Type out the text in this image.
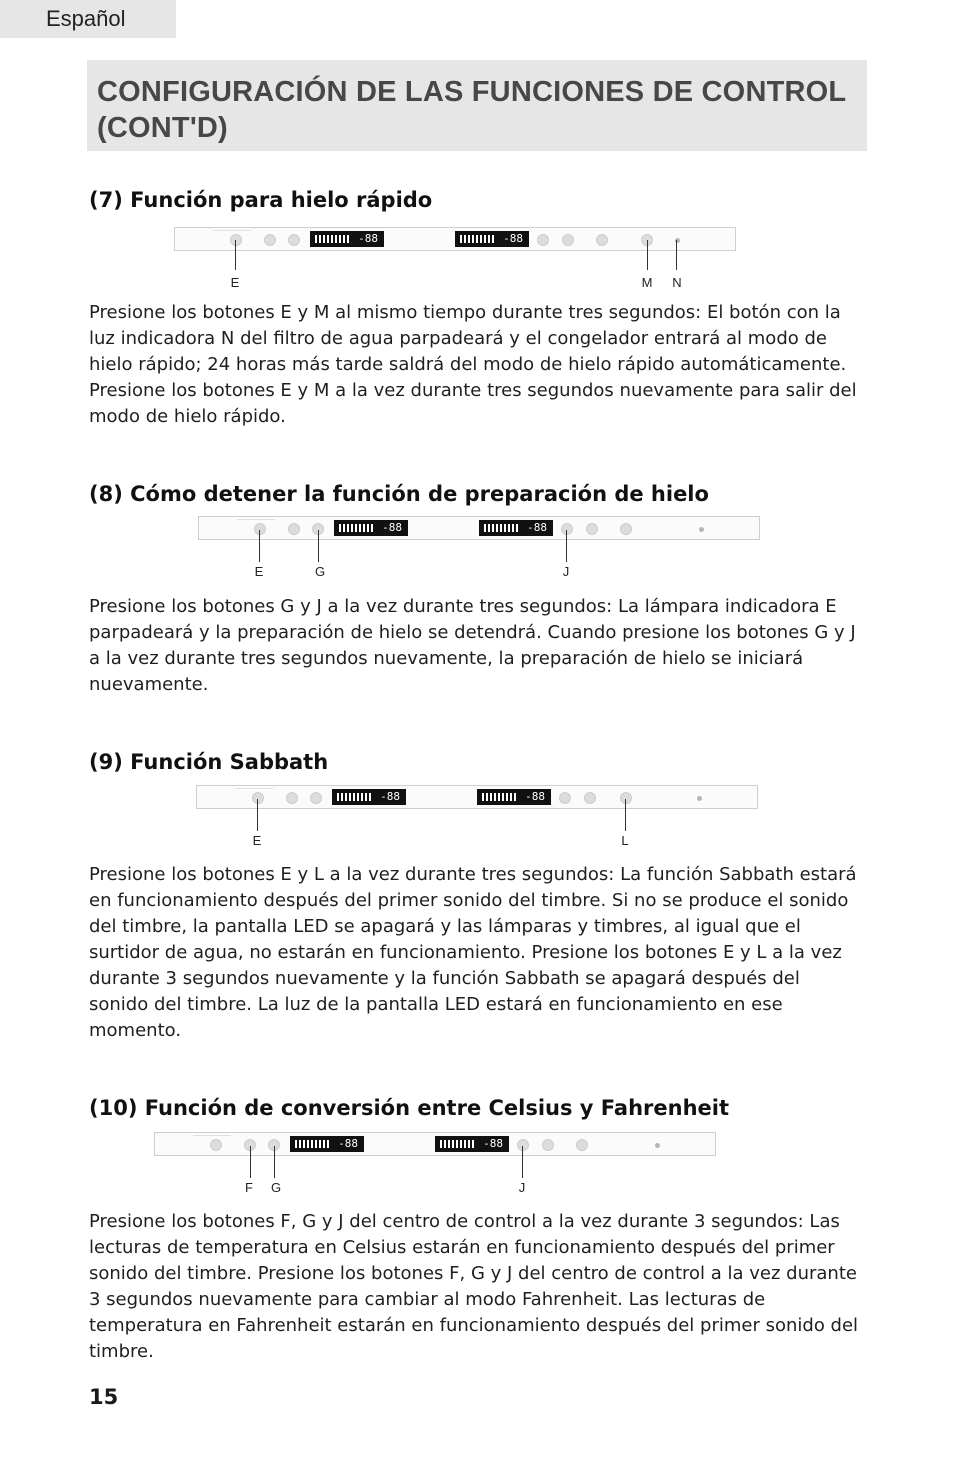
Español
CONFIGURACIÓN DE LAS FUNCIONES DE CONTROL (CONT'D)
(7) Función para hielo rápido
-88	-88
E	M N

Presione los botones E y M al mismo tiempo durante tres segundos: El botón con la luz indicadora N del filtro de agua parpadeará y el congelador entrará al modo de hielo rápido; 24 horas más tarde saldrá del modo de hielo rápido automáticamente. Presione los botones E y M a la vez durante tres segundos nuevamente para salir del modo de hielo rápido.

(8) Cómo detener la función de preparación de hielo
-88	-88
E	G	J

Presione los botones G y J a la vez durante tres segundos: La lámpara indicadora E parpadeará y la preparación de hielo se detendrá. Cuando presione los botones G y J a la vez durante tres segundos nuevamente, la preparación de hielo se iniciará nuevamente.

(9) Función Sabbath
-88	-88
E	L

Presione los botones E y L a la vez durante tres segundos: La función Sabbath estará en funcionamiento después del primer sonido del timbre. Si no se produce el sonido del timbre, la pantalla LED se apagará y las lámparas y timbres, al igual que el surtidor de agua, no estarán en funcionamiento. Presione los botones E y L a la vez durante 3 segundos nuevamente y la función Sabbath se apagará después del sonido del timbre. La luz de la pantalla LED estará en funcionamiento en ese momento.

(10) Función de conversión entre Celsius y Fahrenheit
-88	-88
F G	J

Presione los botones F, G y J del centro de control a la vez durante 3 segundos: Las lecturas de temperatura en Celsius estarán en funcionamiento después del primer sonido del timbre. Presione los botones F, G y J del centro de control a la vez durante 3 segundos nuevamente para cambiar al modo Fahrenheit. Las lecturas de temperatura en Fahrenheit estarán en funcionamiento después del primer sonido del timbre.

15
